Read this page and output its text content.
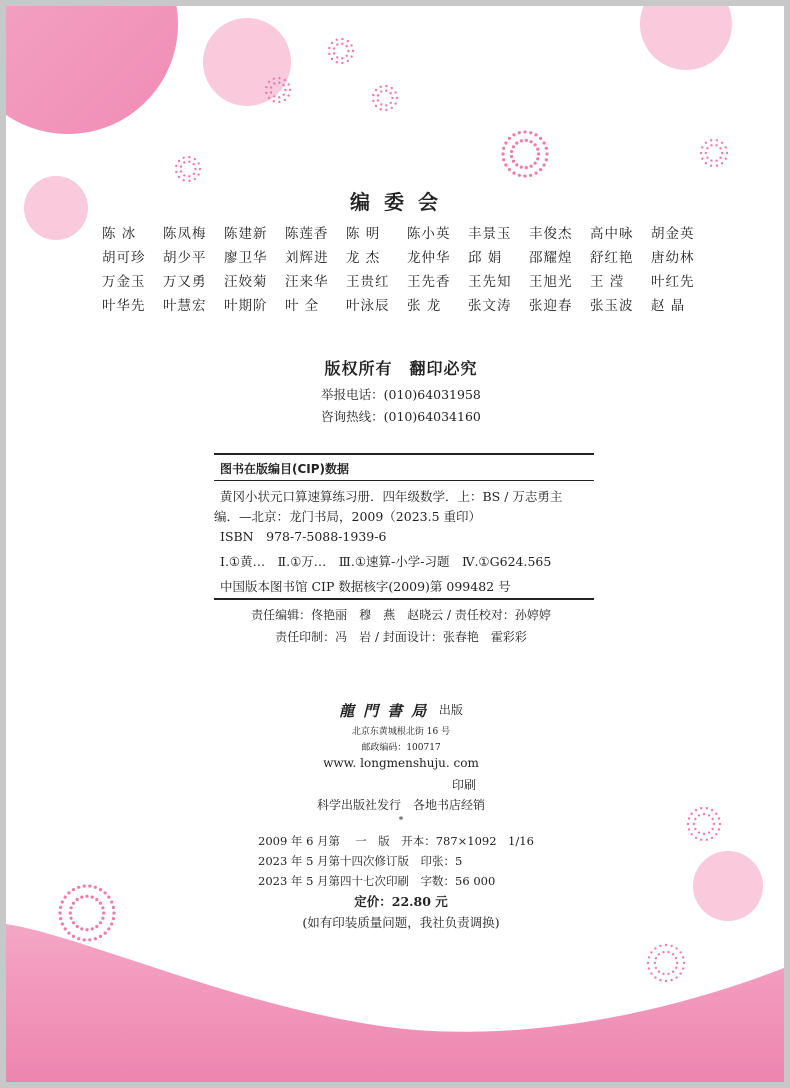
编委会
陈 冰	陈凤梅	陈建新	陈莲香	陈 明	陈小英	丰景玉	丰俊杰	高中咏	胡金英
胡可珍	胡少平	廖卫华	刘辉进	龙 杰	龙仲华	邱 娟	邵耀煌	舒红艳	唐幼林
万金玉	万又勇	汪姣菊	汪来华	王贵红	王先香	王先知	王旭光	王 滢	叶红先
叶华先	叶慧宏	叶期阶	叶 全	叶泳辰	张 龙	张文涛	张迎春	张玉波	赵 晶
版权所有　翻印必究
举报电话：(010)64031958
咨询热线：(010)64034160
图书在版编目(CIP)数据
黄冈小状元口算速算练习册．四年级数学．上：BS / 万志勇主
编．—北京：龙门书局，2009（2023.5 重印）
ISBN　978-7-5088-1939-6
Ⅰ.①黄…　Ⅱ.①万…　Ⅲ.①速算-小学-习题　Ⅳ.①G624.565
中国版本图书馆 CIP 数据核字(2009)第 099482 号
责任编辑：佟艳丽　穆　燕　赵晓云 / 责任校对：孙婷婷
责任印制：冯　岩 / 封面设计：张春艳　霍彩彩
龍門書局 出版
北京东黄城根北街 16 号
邮政编码：100717
www. longmenshuju. com
印刷
科学出版社发行　各地书店经销
*
2009 年 6 月第　 一　版　开本：787×1092　1/16
2023 年 5 月第十四次修订版　印张：5
2023 年 5 月第四十七次印刷　字数：56 000
定价：22.80 元
(如有印装质量问题，我社负责调换)
